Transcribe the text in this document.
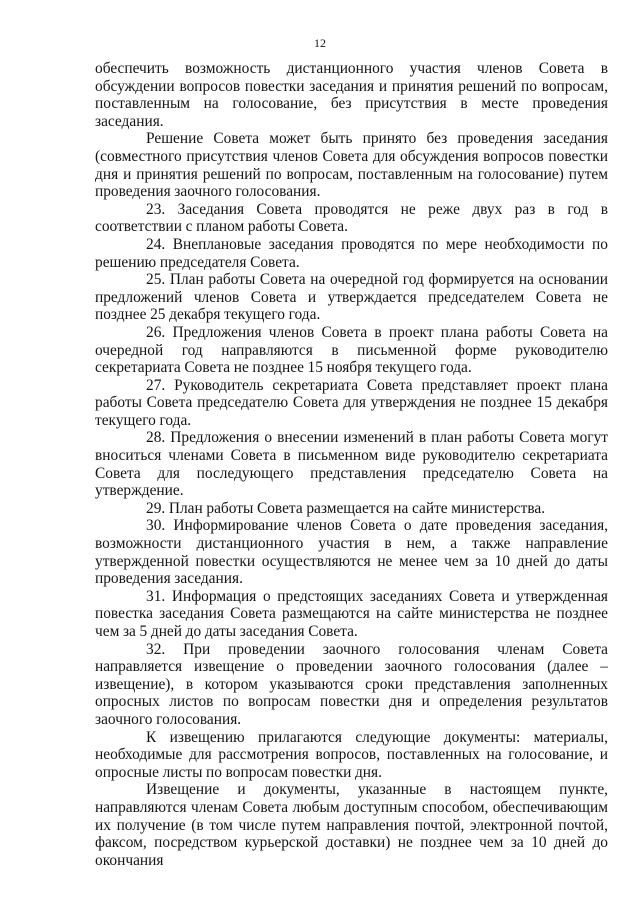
12

обеспечить возможность дистанционного участия членов Совета в обсуждении вопросов повестки заседания и принятия решений по вопросам, поставленным на голосование, без присутствия в месте проведения заседания.

Решение Совета может быть принято без проведения заседания (совместного присутствия членов Совета для обсуждения вопросов повестки дня и принятия решений по вопросам, поставленным на голосование) путем проведения заочного голосования.

23. Заседания Совета проводятся не реже двух раз в год в соответствии с планом работы Совета.

24. Внеплановые заседания проводятся по мере необходимости по решению председателя Совета.

25. План работы Совета на очередной год формируется на основании предложений членов Совета и утверждается председателем Совета не позднее 25 декабря текущего года.

26. Предложения членов Совета в проект плана работы Совета на очередной год направляются в письменной форме руководителю секретариата Совета не позднее 15 ноября текущего года.

27. Руководитель секретариата Совета представляет проект плана работы Совета председателю Совета для утверждения не позднее 15 декабря текущего года.

28. Предложения о внесении изменений в план работы Совета могут вноситься членами Совета в письменном виде руководителю секретариата Совета для последующего представления председателю Совета на утверждение.

29. План работы Совета размещается на сайте министерства.

30. Информирование членов Совета о дате проведения заседания, возможности дистанционного участия в нем, а также направление утвержденной повестки осуществляются не менее чем за 10 дней до даты проведения заседания.

31. Информация о предстоящих заседаниях Совета и утвержденная повестка заседания Совета размещаются на сайте министерства не позднее чем за 5 дней до даты заседания Совета.

32. При проведении заочного голосования членам Совета направляется извещение о проведении заочного голосования (далее – извещение), в котором указываются сроки представления заполненных опросных листов по вопросам повестки дня и определения результатов заочного голосования.

К извещению прилагаются следующие документы: материалы, необходимые для рассмотрения вопросов, поставленных на голосование, и опросные листы по вопросам повестки дня.

Извещение и документы, указанные в настоящем пункте, направляются членам Совета любым доступным способом, обеспечивающим их получение (в том числе путем направления почтой, электронной почтой, факсом, посредством курьерской доставки) не позднее чем за 10 дней до окончания
